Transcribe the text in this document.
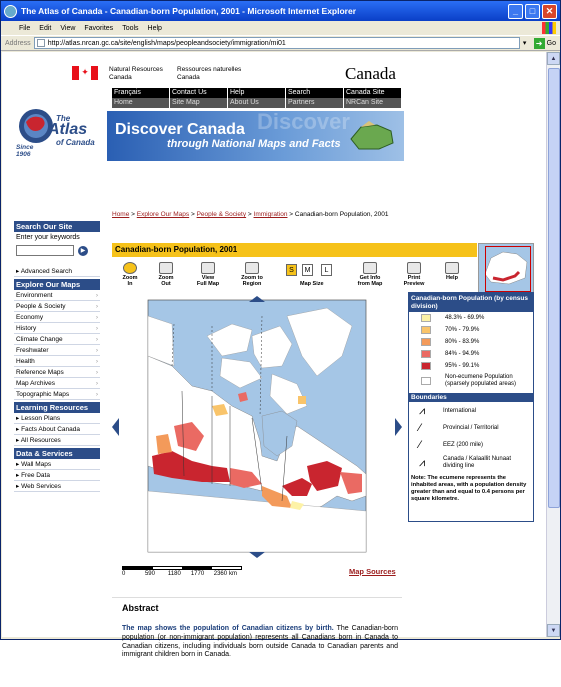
The Atlas of Canada - Canadian-born Population, 2001 - Microsoft Internet Explorer	_	□	✕
File Edit View Favorites Tools Help
Address http://atlas.nrcan.gc.ca/site/english/maps/peopleandsociety/immigration/mi01	▾	➜ Go
✦	Natural Resources
Canada
Ressources naturelles
Canada	Canada
Français	Contact Us	Help	Search	Canada Site
Home	Site Map	About Us	Partners	NRCan Site
The
Atlas
of Canada
Since
1906
Discover
Discover Canada
through National Maps and Facts
Home > Explore Our Maps > People & Society > Immigration > Canadian-born Population, 2001
Search Our Site
Enter your keywords
▶
▸ Advanced Search
Explore Our Maps
Environment	›
People & Society	›
Economy	›
History	›
Climate Change	›
Freshwater	›
Health	›
Reference Maps	›
Map Archives	›
Topographic Maps	›
Learning Resources
▸ Lesson Plans
▸ Facts About Canada
▸ All Resources
Data & Services
▸ Wall Maps
▸ Free Data
▸ Web Services
Canadian-born Population, 2001
Zoom
In
Zoom
Out
View
Full Map
Zoom to
Region
S	M	L
Map Size
Get Info
from Map
Print
Preview
Help
Canadian-born Population (by census division)
48.3% - 69.9%
70% - 79.9%
80% - 83.9%
84% - 94.9%
95% - 99.1%
Non-ecumene Population
(sparsely populated areas)
Boundaries
⩘	International
⁄	Provincial / Territorial
⁄	EEZ (200 mile)
⩘	Canada / Kalaallit Nunaat
dividing line
Note: The ecumene represents the inhabited areas, with a population density greater than and equal to 0.4 persons per square kilometre.
0	590	1180	1770	2360 km	Map Sources
Abstract

The map shows the population of Canadian citizens by birth. The Canadian-born population (or non-immigrant population) represents all Canadians born in Canada to Canadian citizens, including individuals born outside Canada to Canadian parents and immigrant children born in Canada.

▲
▼
